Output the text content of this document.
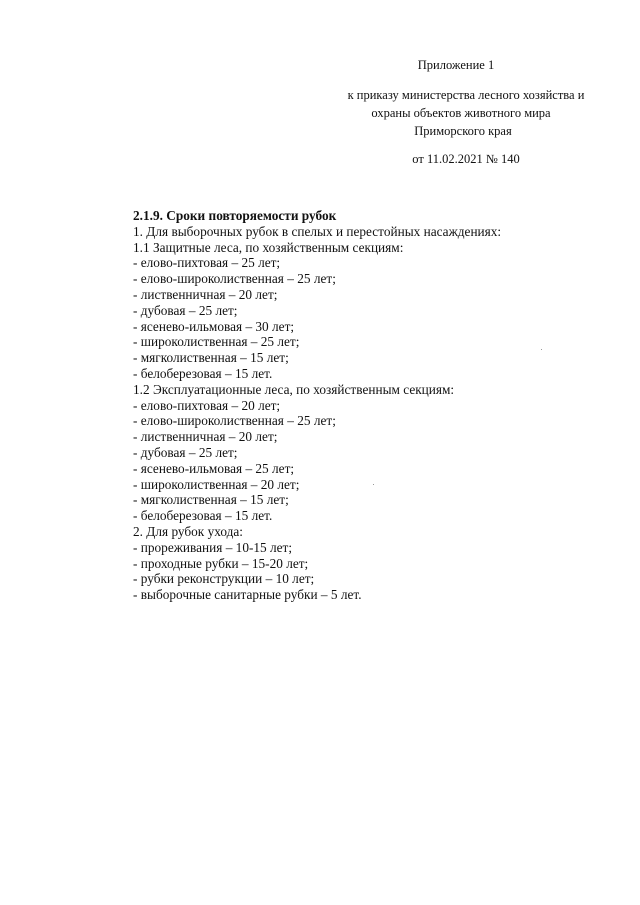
Приложение 1
к приказу министерства лесного хозяйства и
охраны объектов животного мира
Приморского края
от 11.02.2021 № 140
2.1.9. Сроки повторяемости рубок
1. Для выборочных рубок в спелых и перестойных насаждениях:
1.1 Защитные леса, по хозяйственным секциям:
- елово-пихтовая – 25 лет;
- елово-широколиственная – 25 лет;
- лиственничная – 20 лет;
- дубовая – 25 лет;
- ясенево-ильмовая – 30 лет;
- широколиственная – 25 лет;
- мягколиственная – 15 лет;
- белоберезовая – 15 лет.
1.2 Эксплуатационные леса, по хозяйственным секциям:
- елово-пихтовая – 20 лет;
- елово-широколиственная – 25 лет;
- лиственничная – 20 лет;
- дубовая – 25 лет;
- ясенево-ильмовая – 25 лет;
- широколиственная – 20 лет;
- мягколиственная – 15 лет;
- белоберезовая – 15 лет.
2. Для рубок ухода:
- прореживания – 10-15 лет;
- проходные рубки – 15-20 лет;
- рубки реконструкции – 10 лет;
- выборочные санитарные рубки – 5 лет.
